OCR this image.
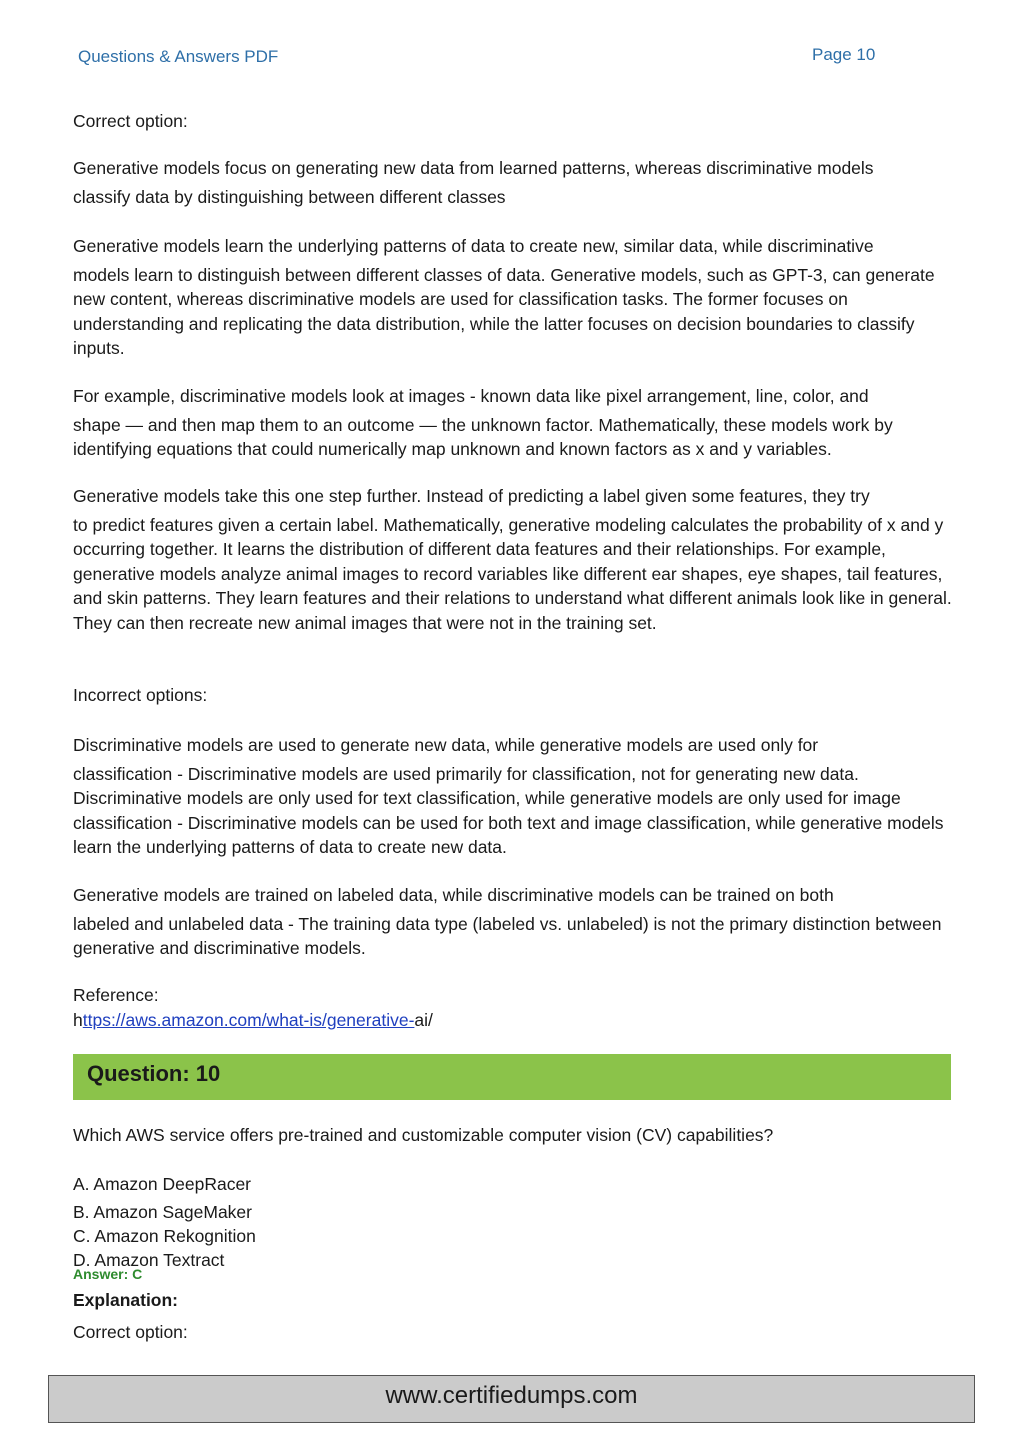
Questions & Answers PDF	Page 10

Correct option:

Generative models focus on generating new data from learned patterns, whereas discriminative models
classify data by distinguishing between different classes

Generative models learn the underlying patterns of data to create new, similar data, while discriminative
models learn to distinguish between different classes of data. Generative models, such as GPT-3, can generate new content, whereas discriminative models are used for classification tasks. The former focuses on understanding and replicating the data distribution, while the latter focuses on decision boundaries to classify inputs.

For example, discriminative models look at images - known data like pixel arrangement, line, color, and
shape — and then map them to an outcome — the unknown factor. Mathematically, these models work by identifying equations that could numerically map unknown and known factors as x and y variables.

Generative models take this one step further. Instead of predicting a label given some features, they try
to predict features given a certain label. Mathematically, generative modeling calculates the probability of x and y occurring together. It learns the distribution of different data features and their relationships. For example, generative models analyze animal images to record variables like different ear shapes, eye shapes, tail features, and skin patterns. They learn features and their relations to understand what different animals look like in general. They can then recreate new animal images that were not in the training set.

Incorrect options:

Discriminative models are used to generate new data, while generative models are used only for
classification - Discriminative models are used primarily for classification, not for generating new data. Discriminative models are only used for text classification, while generative models are only used for image classification - Discriminative models can be used for both text and image classification, while generative models learn the underlying patterns of data to create new data.

Generative models are trained on labeled data, while discriminative models can be trained on both
labeled and unlabeled data - The training data type (labeled vs. unlabeled) is not the primary distinction between generative and discriminative models.

Reference:
https://aws.amazon.com/what-is/generative-ai/

Question: 10

Which AWS service offers pre-trained and customizable computer vision (CV) capabilities?

A. Amazon DeepRacer

B. Amazon SageMaker

C. Amazon Rekognition

D. Amazon Textract

Answer: C

Explanation:

Correct option:

www.certifiedumps.com
